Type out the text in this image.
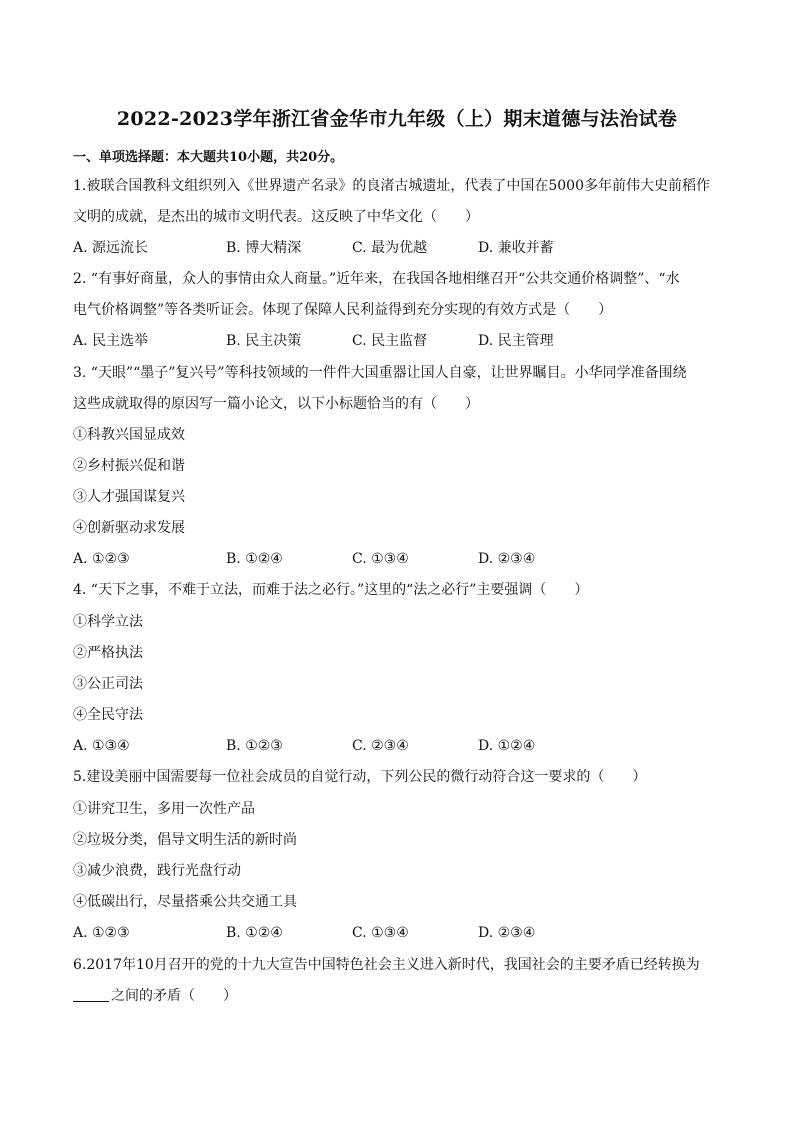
2022-2023学年浙江省金华市九年级（上）期末道德与法治试卷
一、单项选择题：本大题共10小题，共20分。
1.被联合国教科文组织列入《世界遗产名录》的良渚古城遗址，代表了中国在5000多年前伟大史前稻作
文明的成就，是杰出的城市文明代表。这反映了中华文化（　　）
A. 源远流长	B. 博大精深	C. 最为优越	D. 兼收并蓄
2. “有事好商量，众人的事情由众人商量。”近年来，在我国各地相继召开“公共交通价格调整”、“水
电气价格调整”等各类听证会。体现了保障人民利益得到充分实现的有效方式是（　　）
A. 民主选举	B. 民主决策	C. 民主监督	D. 民主管理
3. “天眼”“墨子”复兴号”等科技领域的一件件大国重器让国人自豪，让世界瞩目。小华同学准备围绕
这些成就取得的原因写一篇小论文，以下小标题恰当的有（　　）
①科教兴国显成效
②乡村振兴促和谐
③人才强国谋复兴
④创新驱动求发展
A. ①②③	B. ①②④	C. ①③④	D. ②③④
4. “天下之事，不难于立法，而难于法之必行。”这里的“法之必行”主要强调（　　）
①科学立法
②严格执法
③公正司法
④全民守法
A. ①③④	B. ①②③	C. ②③④	D. ①②④
5.建设美丽中国需要每一位社会成员的自觉行动，下列公民的微行动符合这一要求的（　　）
①讲究卫生，多用一次性产品
②垃圾分类，倡导文明生活的新时尚
③减少浪费，践行光盘行动
④低碳出行，尽量搭乘公共交通工具
A. ①②③	B. ①②④	C. ①③④	D. ②③④
6.2017年10月召开的党的十九大宣告中国特色社会主义进入新时代，我国社会的主要矛盾已经转换为
之间的矛盾（　　）
